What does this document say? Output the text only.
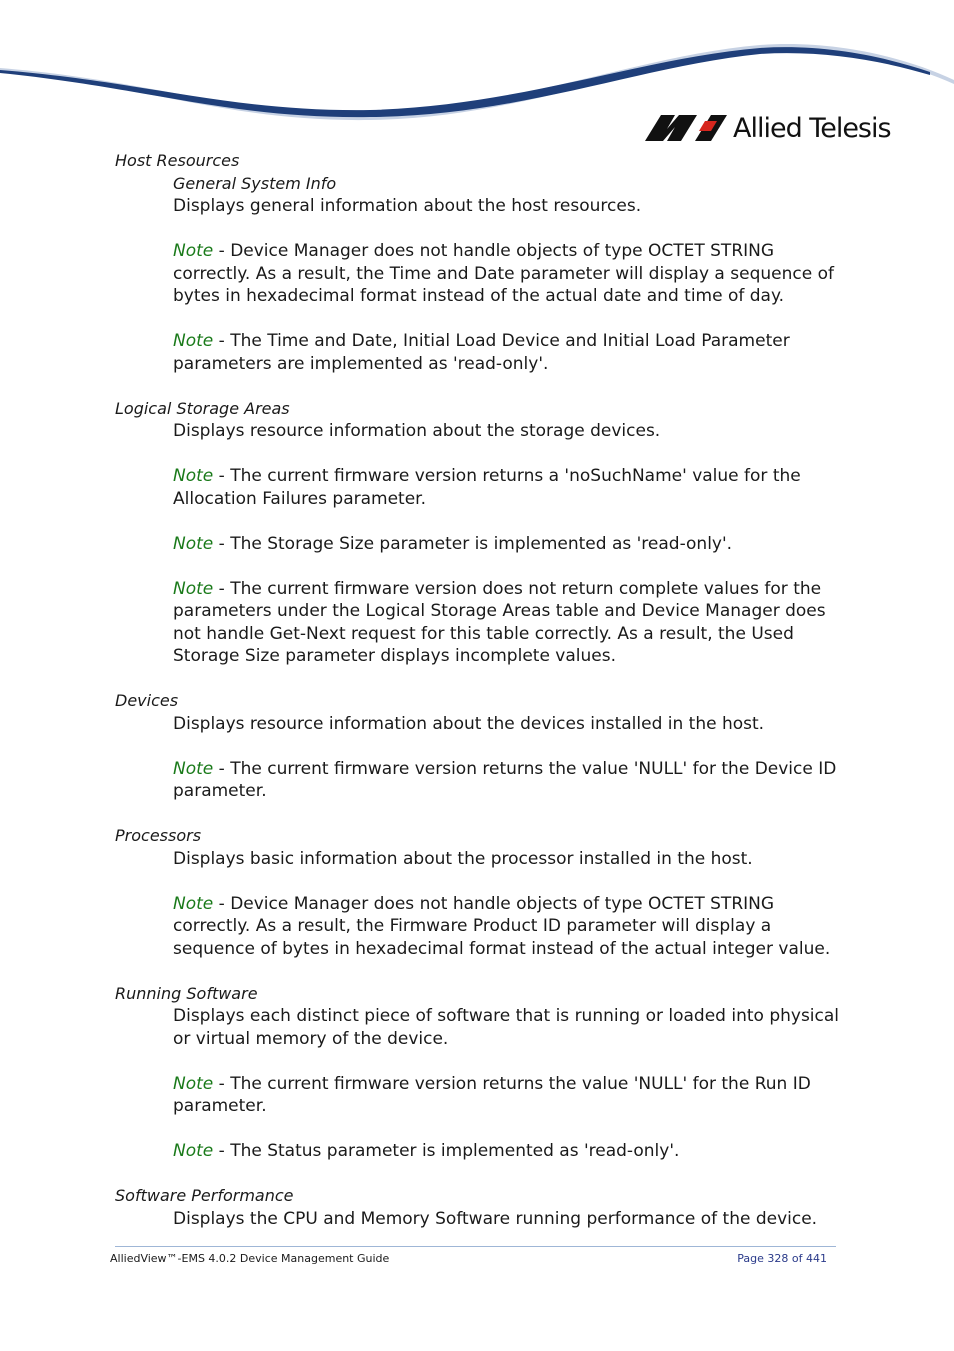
Allied Telesis

Host Resources

General System Info

Displays general information about the host resources.

Note - Device Manager does not handle objects of type OCTET STRING correctly. As a result, the Time and Date parameter will display a sequence of bytes in hexadecimal format instead of the actual date and time of day.

Note - The Time and Date, Initial Load Device and Initial Load Parameter parameters are implemented as 'read-only'.

Logical Storage Areas

Displays resource information about the storage devices.

Note - The current firmware version returns a 'noSuchName' value for the Allocation Failures parameter.

Note - The Storage Size parameter is implemented as 'read-only'.

Note - The current firmware version does not return complete values for the parameters under the Logical Storage Areas table and Device Manager does not handle Get-Next request for this table correctly. As a result, the Used Storage Size parameter displays incomplete values.

Devices

Displays resource information about the devices installed in the host.

Note - The current firmware version returns the value 'NULL' for the Device ID parameter.

Processors

Displays basic information about the processor installed in the host.

Note - Device Manager does not handle objects of type OCTET STRING correctly. As a result, the Firmware Product ID parameter will display a sequence of bytes in hexadecimal format instead of the actual integer value.

Running Software

Displays each distinct piece of software that is running or loaded into physical or virtual memory of the device.

Note - The current firmware version returns the value 'NULL' for the Run ID parameter.

Note - The Status parameter is implemented as 'read-only'.

Software Performance

Displays the CPU and Memory Software running performance of the device.

AlliedView™-EMS 4.0.2 Device Management Guide	Page 328 of 441
